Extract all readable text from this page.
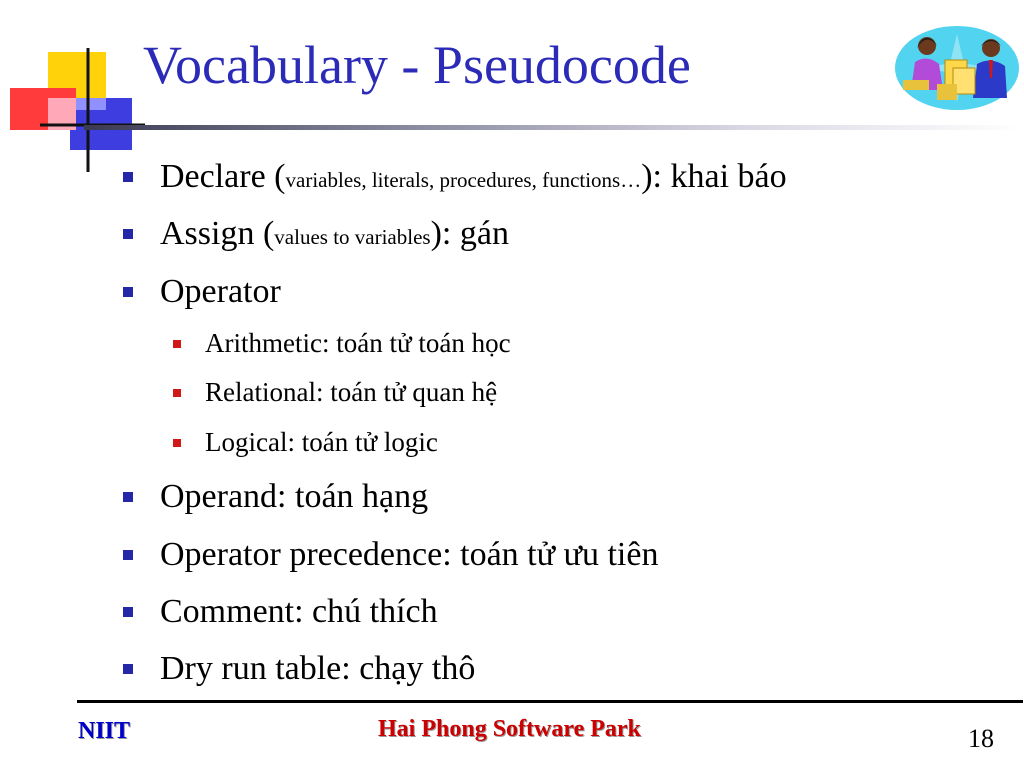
Vocabulary - Pseudocode
Declare (variables, literals, procedures, functions…): khai báo
Assign (values to variables): gán
Operator
Arithmetic: toán tử toán học
Relational: toán tử quan hệ
Logical: toán tử logic
Operand: toán hạng
Operator precedence: toán tử ưu tiên
Comment: chú thích
Dry run table: chạy thô
NIIT	Hai Phong Software Park	18
